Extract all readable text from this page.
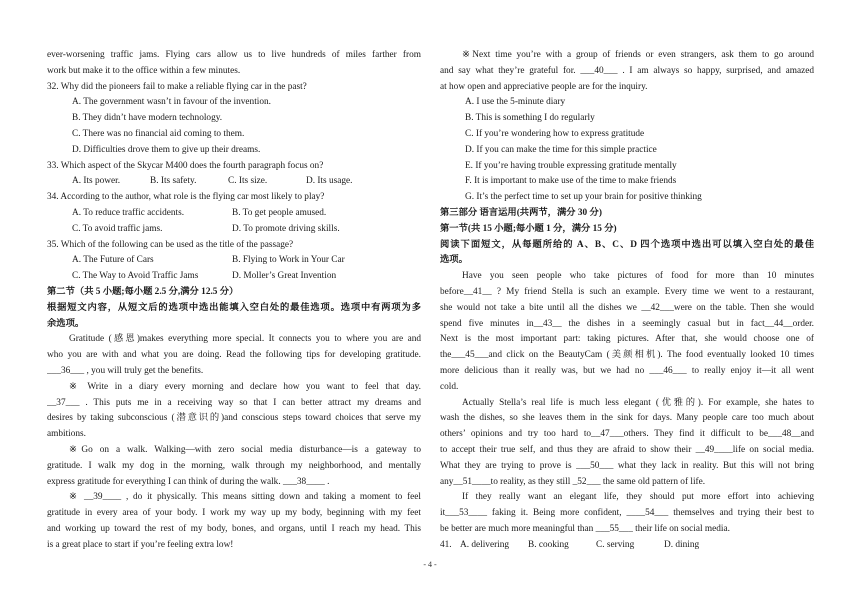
ever-worsening traffic jams. Flying cars allow us to live hundreds of miles farther from
work but make it to the office within a few minutes.
32. Why did the pioneers fail to make a reliable flying car in the past?
A. The government wasn’t in favour of the invention.
B. They didn’t have modern technology.
C. There was no financial aid coming to them.
D. Difficulties drove them to give up their dreams.
33. Which aspect of the Skycar M400 does the fourth paragraph focus on?
A. Its power.	B. Its safety.	C. Its size.	D. Its usage.
34. According to the author, what role is the flying car most likely to play?
A. To reduce traffic accidents.	B. To get people amused.
C. To avoid traffic jams.	D. To promote driving skills.
35. Which of the following can be used as the title of the passage?
A. The Future of Cars	B. Flying to Work in Your Car
C. The Way to Avoid Traffic Jams	D. Moller’s Great Invention
第二节（共 5 小题;每小题 2.5 分,满分 12.5 分）
根据短文内容，从短文后的选项中选出能填入空白处的最佳选项。选项中有两项为多
余选项。
Gratitude (感恩)makes everything more special. It connects you to where you are and
who you are with and what you are doing. Read the following tips for developing gratitude.
___36___ , you will truly get the benefits.
※ Write in a diary every morning and declare how you want to feel that day.
__37___ . This puts me in a receiving way so that I can better attract my dreams and
desires by taking subconscious (潜意识的)and conscious steps toward choices that serve my
ambitions.
※Go on a walk. Walking—with zero social media disturbance—is a gateway to
gratitude. I walk my dog in the morning, walk through my neighborhood, and mentally
express gratitude for everything I can think of during the walk. ___38____ .
※ __39____ , do it physically. This means sitting down and taking a moment to feel
gratitude in every area of your body. I work my way up my body, beginning with my feet
and working up toward the rest of my body, bones, and organs, until I reach my head. This
is a great place to start if you’re feeling extra low!
※Next time you’re with a group of friends or even strangers, ask them to go around
and say what they’re grateful for. ___40___ . I am always so happy, surprised, and amazed
at how open and appreciative people are for the inquiry.
A. I use the 5-minute diary
B. This is something I do regularly
C. If you’re wondering how to express gratitude
D. If you can make the time for this simple practice
E. If you’re having trouble expressing gratitude mentally
F. It is important to make use of the time to make friends
G. It’s the perfect time to set up your brain for positive thinking
第三部分 语言运用(共两节，满分 30 分)
第一节(共 15 小题;每小题 1 分，满分 15 分)
阅读下面短文，从每题所给的 A、B、C、D 四个选项中选出可以填入空白处的最佳
选项。
Have you seen people who take pictures of food for more than 10 minutes
before__41__ ? My friend Stella is such an example. Every time we went to a restaurant,
she would not take a bite until all the dishes we __42___were on the table. Then she would
spend five minutes in__43__ the dishes in a seemingly casual but in fact__44__order.
Next is the most important part: taking pictures. After that, she would choose one of
the___45___and click on the BeautyCam (美颜相机). The food eventually looked 10 times
more delicious than it really was, but we had no ___46___ to really enjoy it—it all went
cold.
Actually Stella’s real life is much less elegant (优雅的). For example, she hates to
wash the dishes, so she leaves them in the sink for days. Many people care too much about
others’ opinions and try too hard to__47___others. They find it difficult to be___48__and
to accept their true self, and thus they are afraid to show their __49____life on social media.
What they are trying to prove is ___50___ what they lack in reality. But this will not bring
any__51____to reality, as they still _52___ the same old pattern of life.
If they really want an elegant life, they should put more effort into achieving
it___53____ faking it. Being more confident, ____54___ themselves and trying their best to
be better are much more meaningful than ___55___ their life on social media.
41. A. delivering	B. cooking	C. serving	D. dining
- 4 -
